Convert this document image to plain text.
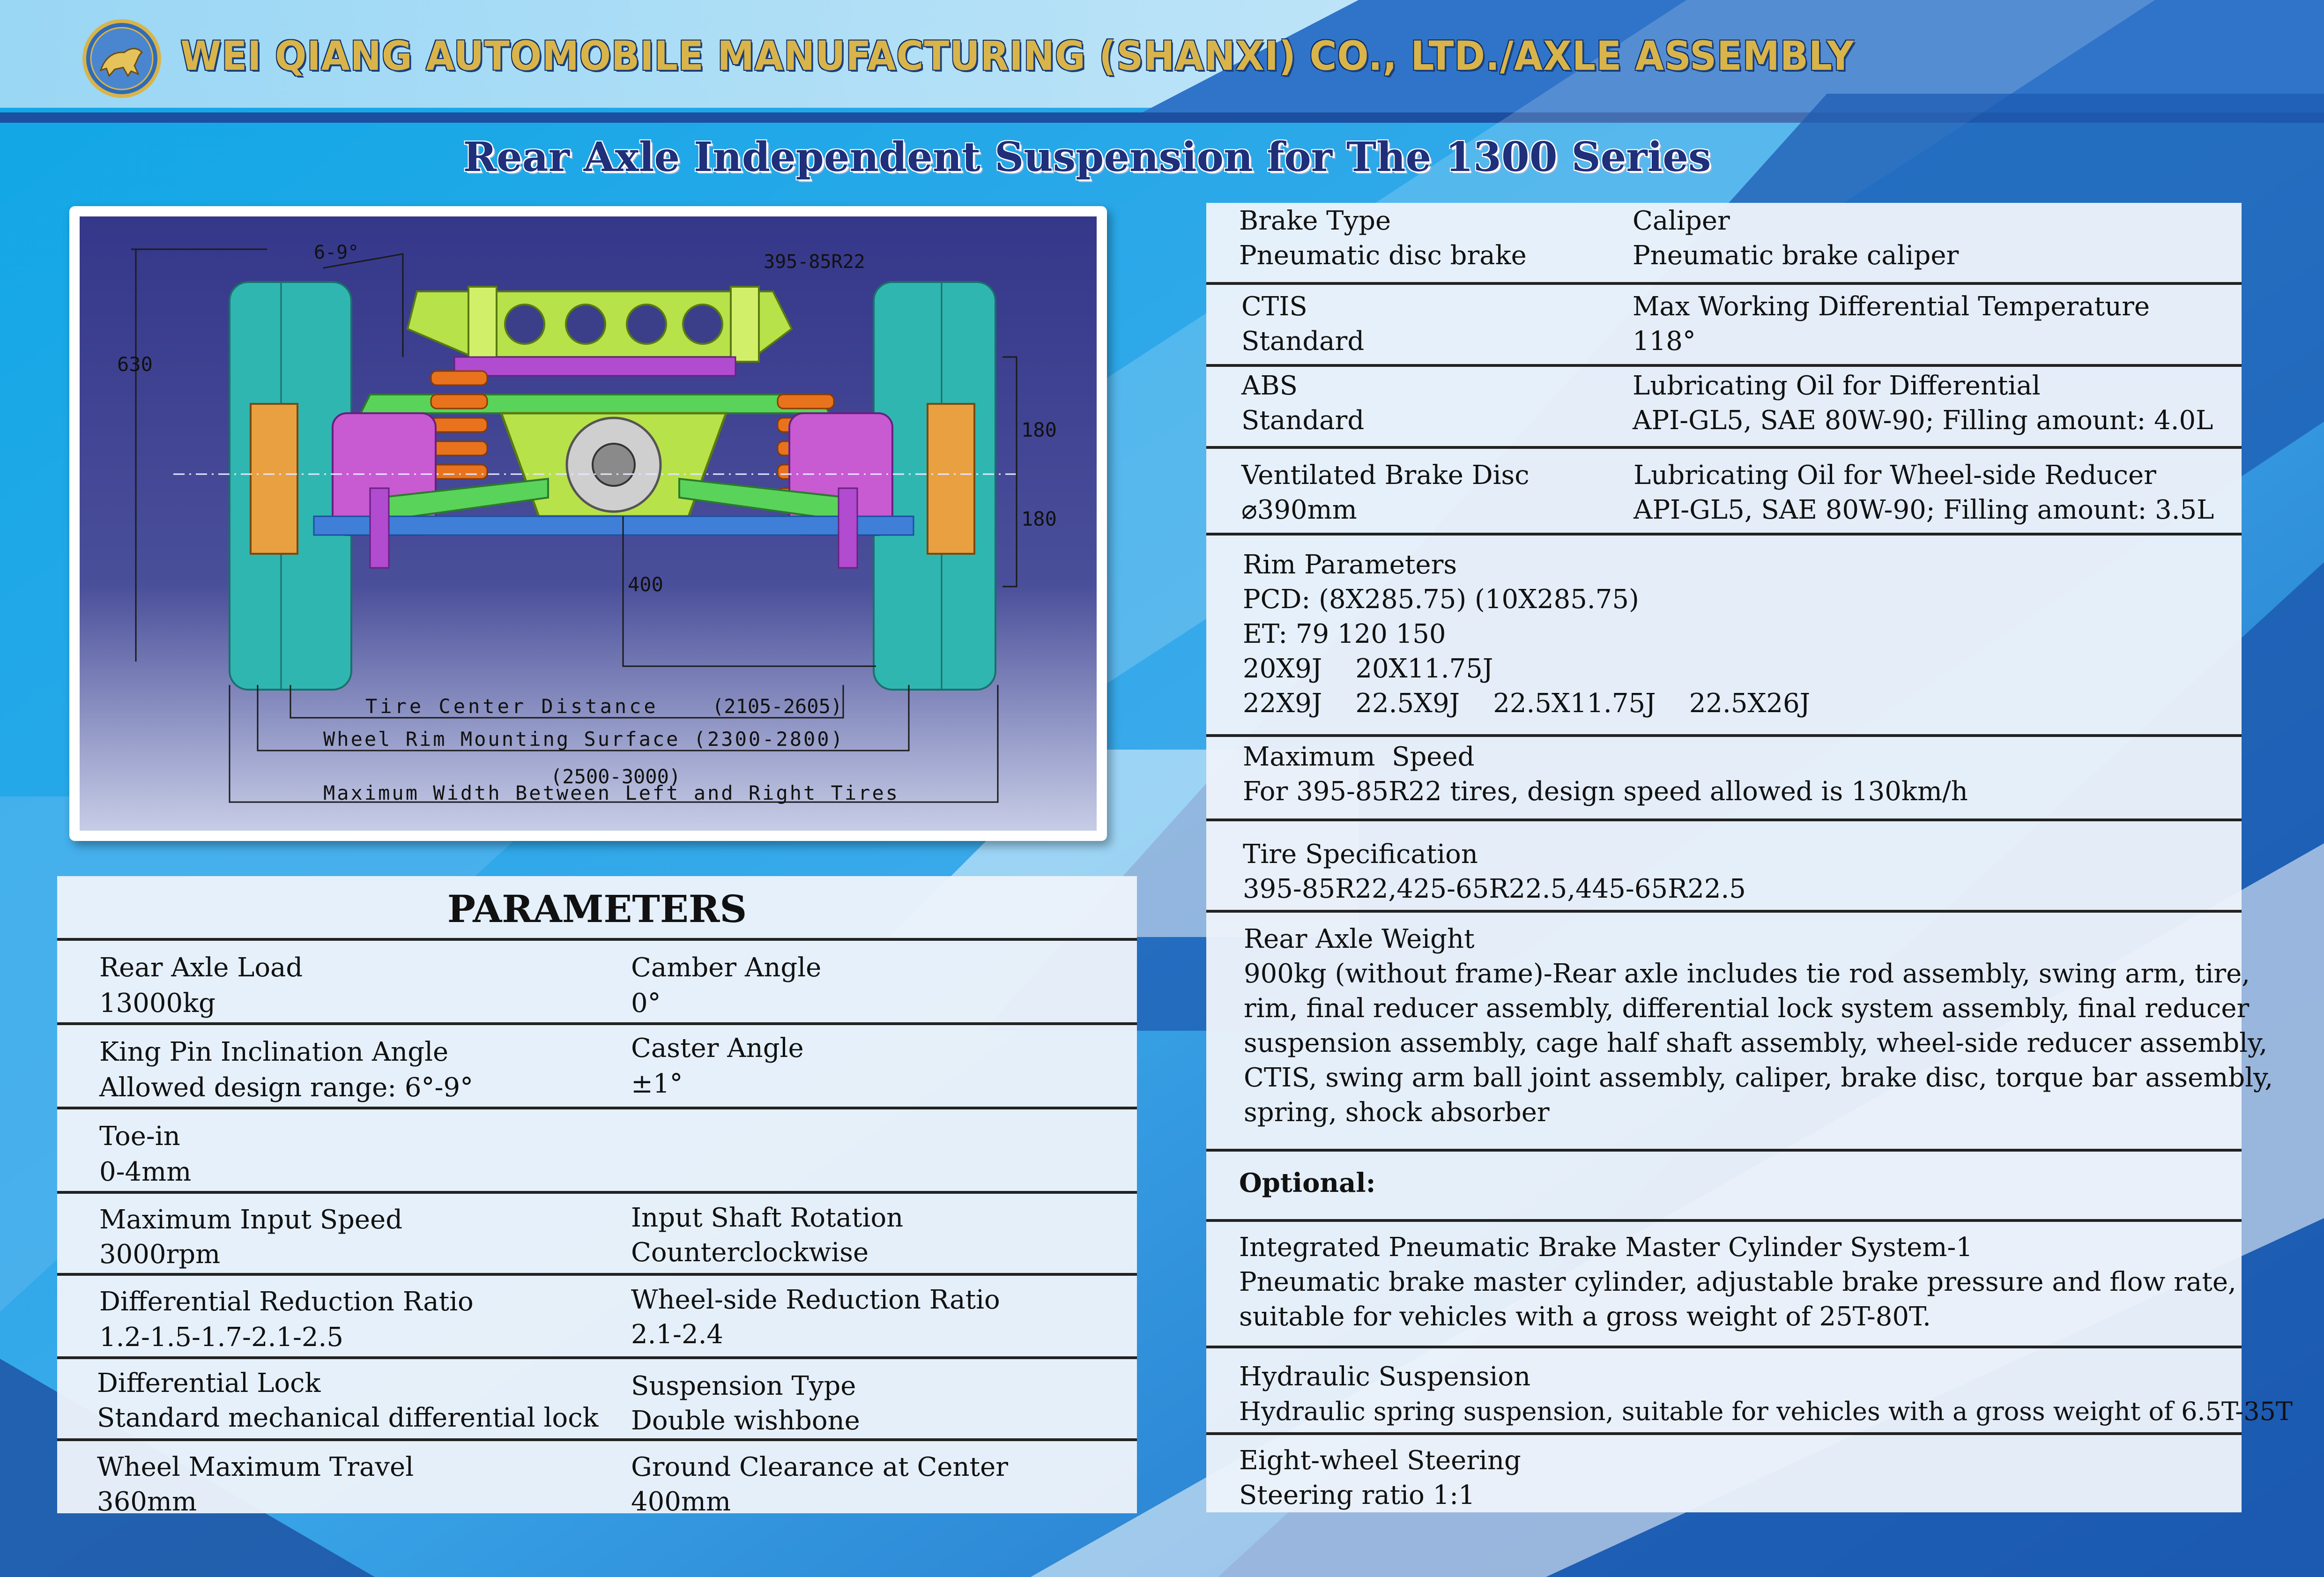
WEI QIANG AUTOMOBILE MANUFACTURING (SHANXI) CO., LTD./AXLE ASSEMBLY
Rear Axle Independent Suspension for The 1300 Series
6-9°	395-85R22
630
180
180
400
Tire Center Distance	(2105-2605)
Wheel Rim Mounting Surface (2300-2800)
(2500-3000)
Maximum Width Between Left and Right Tires
PARAMETERS
Rear Axle Load
13000kg
Camber Angle
0°
King Pin Inclination Angle
Allowed design range: 6°-9°
Caster Angle
±1°
Toe-in
0-4mm
Maximum Input Speed
3000rpm
Input Shaft Rotation
Counterclockwise
Differential Reduction Ratio
1.2-1.5-1.7-2.1-2.5
Wheel-side Reduction Ratio
2.1-2.4
Differential Lock
Standard mechanical differential lock
Suspension Type
Double wishbone
Wheel Maximum Travel
360mm
Ground Clearance at Center
400mm
Brake Type
Pneumatic disc brake
Caliper
Pneumatic brake caliper
CTIS
Standard
Max Working Differential Temperature
118°
ABS
Standard
Lubricating Oil for Differential
API-GL5, SAE 80W-90; Filling amount: 4.0L
Ventilated Brake Disc
⌀390mm
Lubricating Oil for Wheel-side Reducer
API-GL5, SAE 80W-90; Filling amount: 3.5L
Rim Parameters
PCD: (8X285.75) (10X285.75)
ET: 79 120 150
20X9J    20X11.75J
22X9J    22.5X9J    22.5X11.75J    22.5X26J
Maximum  Speed
For 395-85R22 tires, design speed allowed is 130km/h
Tire Specification
395-85R22,425-65R22.5,445-65R22.5
Rear Axle Weight
900kg (without frame)-Rear axle includes tie rod assembly, swing arm, tire,
rim, final reducer assembly, differential lock system assembly, final reducer
suspension assembly, cage half shaft assembly, wheel-side reducer assembly,
CTIS, swing arm ball joint assembly, caliper, brake disc, torque bar assembly,
spring, shock absorber
Optional:
Integrated Pneumatic Brake Master Cylinder System-1
Pneumatic brake master cylinder, adjustable brake pressure and flow rate,
suitable for vehicles with a gross weight of 25T-80T.
Hydraulic Suspension
Hydraulic spring suspension, suitable for vehicles with a gross weight of 6.5T-35T
Eight-wheel Steering
Steering ratio 1:1
